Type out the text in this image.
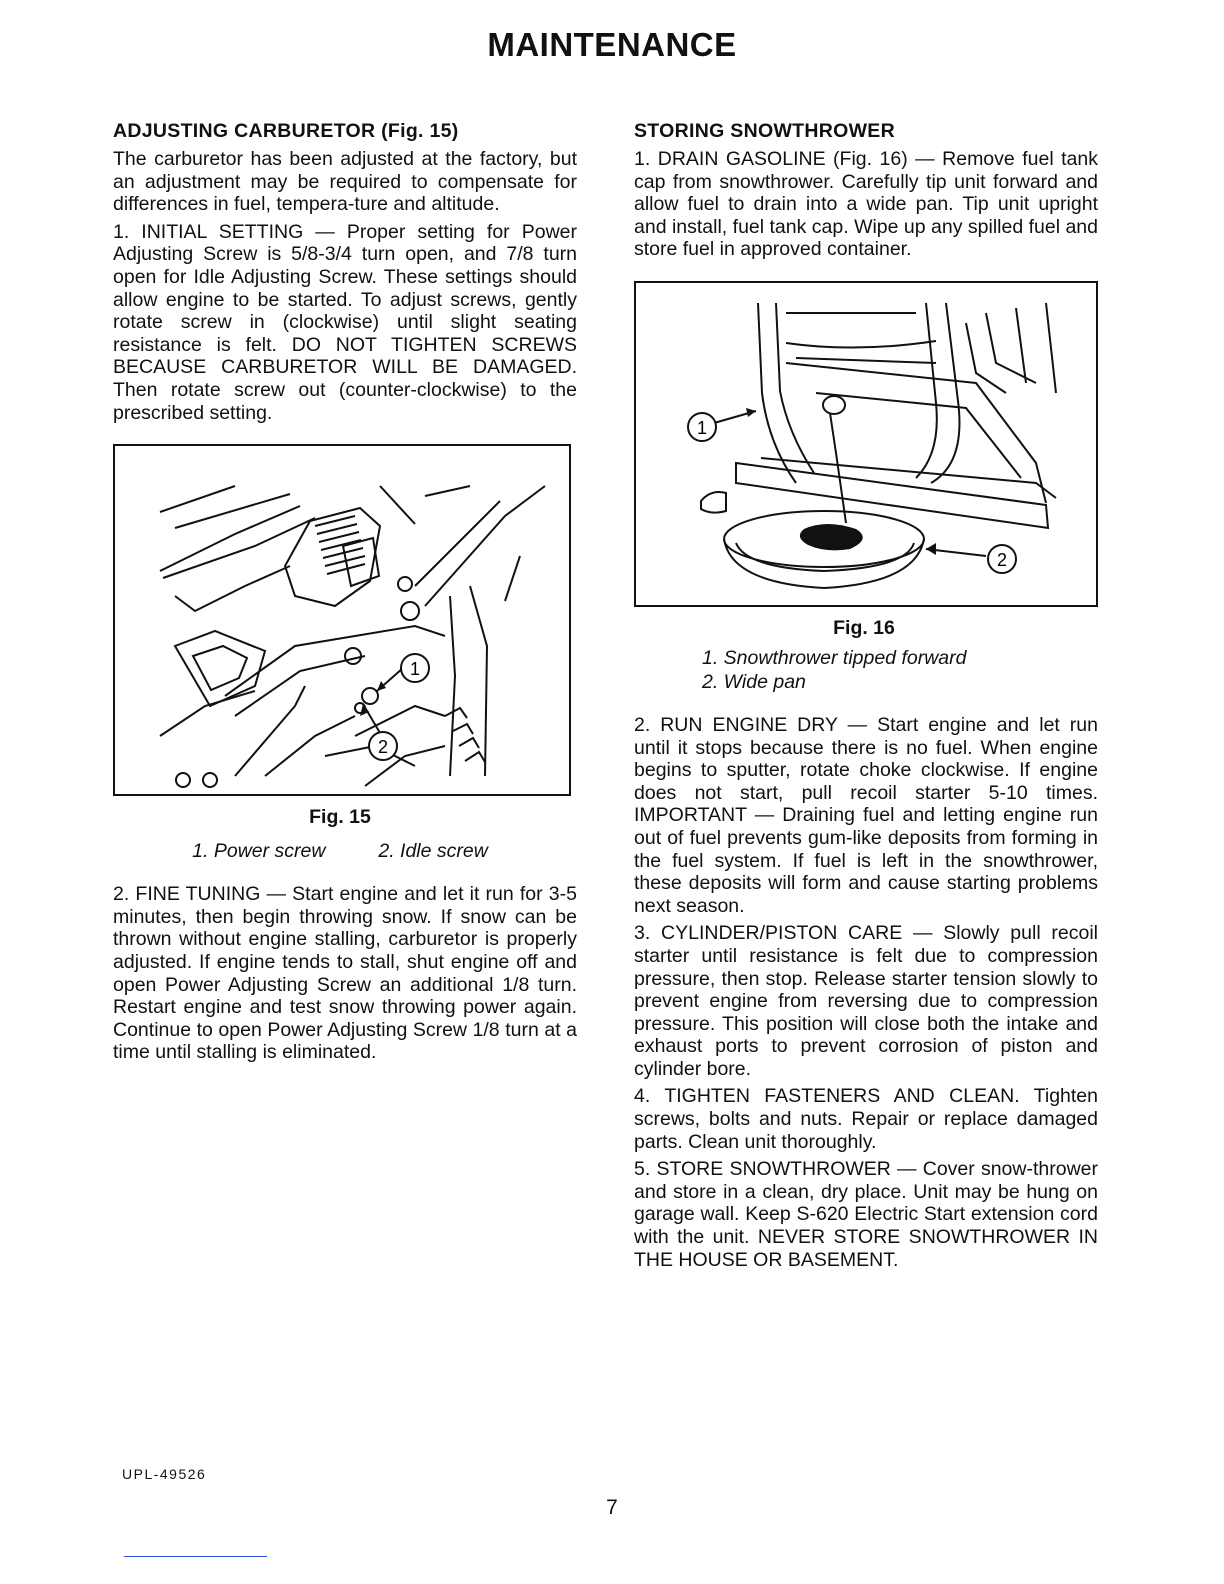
MAINTENANCE
ADJUSTING CARBURETOR (Fig. 15)

The carburetor has been adjusted at the factory, but an adjustment may be required to compensate for differences in fuel, tempera-ture and altitude.

1. INITIAL SETTING — Proper setting for Power Adjusting Screw is 5/8-3/4 turn open, and 7/8 turn open for Idle Adjusting Screw. These settings should allow engine to be started. To adjust screws, gently rotate screw in (clockwise) until slight seating resistance is felt. DO NOT TIGHTEN SCREWS BECAUSE CARBURETOR WILL BE DAMAGED. Then rotate screw out (counter-clockwise) to the prescribed setting.

1
2
Fig. 15
1. Power screw	2. Idle screw

2. FINE TUNING — Start engine and let it run for 3-5 minutes, then begin throwing snow. If snow can be thrown without engine stalling, carburetor is properly adjusted. If engine tends to stall, shut engine off and open Power Adjusting Screw an additional 1/8 turn. Restart engine and test snow throwing power again. Continue to open Power Adjusting Screw 1/8 turn at a time until stalling is eliminated.

STORING SNOWTHROWER

1. DRAIN GASOLINE (Fig. 16) — Remove fuel tank cap from snowthrower. Carefully tip unit forward and allow fuel to drain into a wide pan. Tip unit upright and install, fuel tank cap. Wipe up any spilled fuel and store fuel in approved container.

1
2
Fig. 16
1. Snowthrower tipped forward
2. Wide pan

2. RUN ENGINE DRY — Start engine and let run until it stops because there is no fuel. When engine begins to sputter, rotate choke clockwise. If engine does not start, pull recoil starter 5-10 times. IMPORTANT — Draining fuel and letting engine run out of fuel prevents gum-like deposits from forming in the fuel system. If fuel is left in the snowthrower, these deposits will form and cause starting problems next season.

3. CYLINDER/PISTON CARE — Slowly pull recoil starter until resistance is felt due to compression pressure, then stop. Release starter tension slowly to prevent engine from reversing due to compression pressure. This position will close both the intake and exhaust ports to prevent corrosion of piston and cylinder bore.

4. TIGHTEN FASTENERS AND CLEAN. Tighten screws, bolts and nuts. Repair or replace damaged parts. Clean unit thoroughly.

5. STORE SNOWTHROWER — Cover snow-thrower and store in a clean, dry place. Unit may be hung on garage wall. Keep S-620 Electric Start extension cord with the unit. NEVER STORE SNOWTHROWER IN THE HOUSE OR BASEMENT.

UPL-49526
7
